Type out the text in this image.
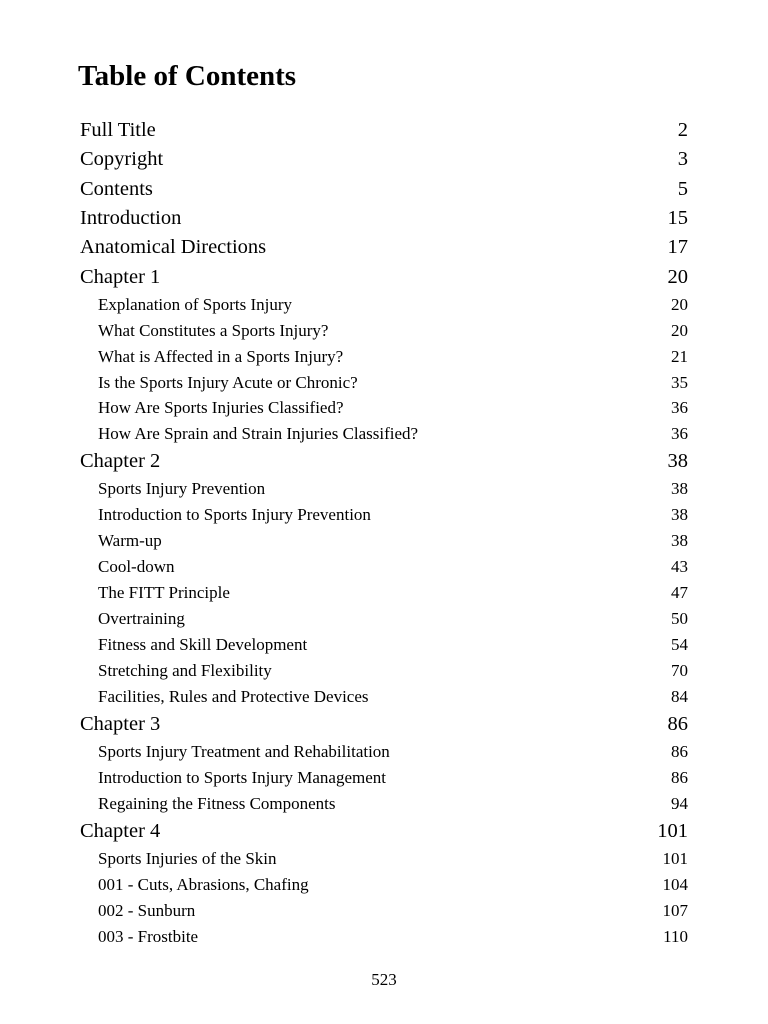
Table of Contents
Full Title	2
Copyright	3
Contents	5
Introduction	15
Anatomical Directions	17
Chapter 1	20
Explanation of Sports Injury	20
What Constitutes a Sports Injury?	20
What is Affected in a Sports Injury?	21
Is the Sports Injury Acute or Chronic?	35
How Are Sports Injuries Classified?	36
How Are Sprain and Strain Injuries Classified?	36
Chapter 2	38
Sports Injury Prevention	38
Introduction to Sports Injury Prevention	38
Warm-up	38
Cool-down	43
The FITT Principle	47
Overtraining	50
Fitness and Skill Development	54
Stretching and Flexibility	70
Facilities, Rules and Protective Devices	84
Chapter 3	86
Sports Injury Treatment and Rehabilitation	86
Introduction to Sports Injury Management	86
Regaining the Fitness Components	94
Chapter 4	101
Sports Injuries of the Skin	101
001 - Cuts, Abrasions, Chafing	104
002 - Sunburn	107
003 - Frostbite	110
523
